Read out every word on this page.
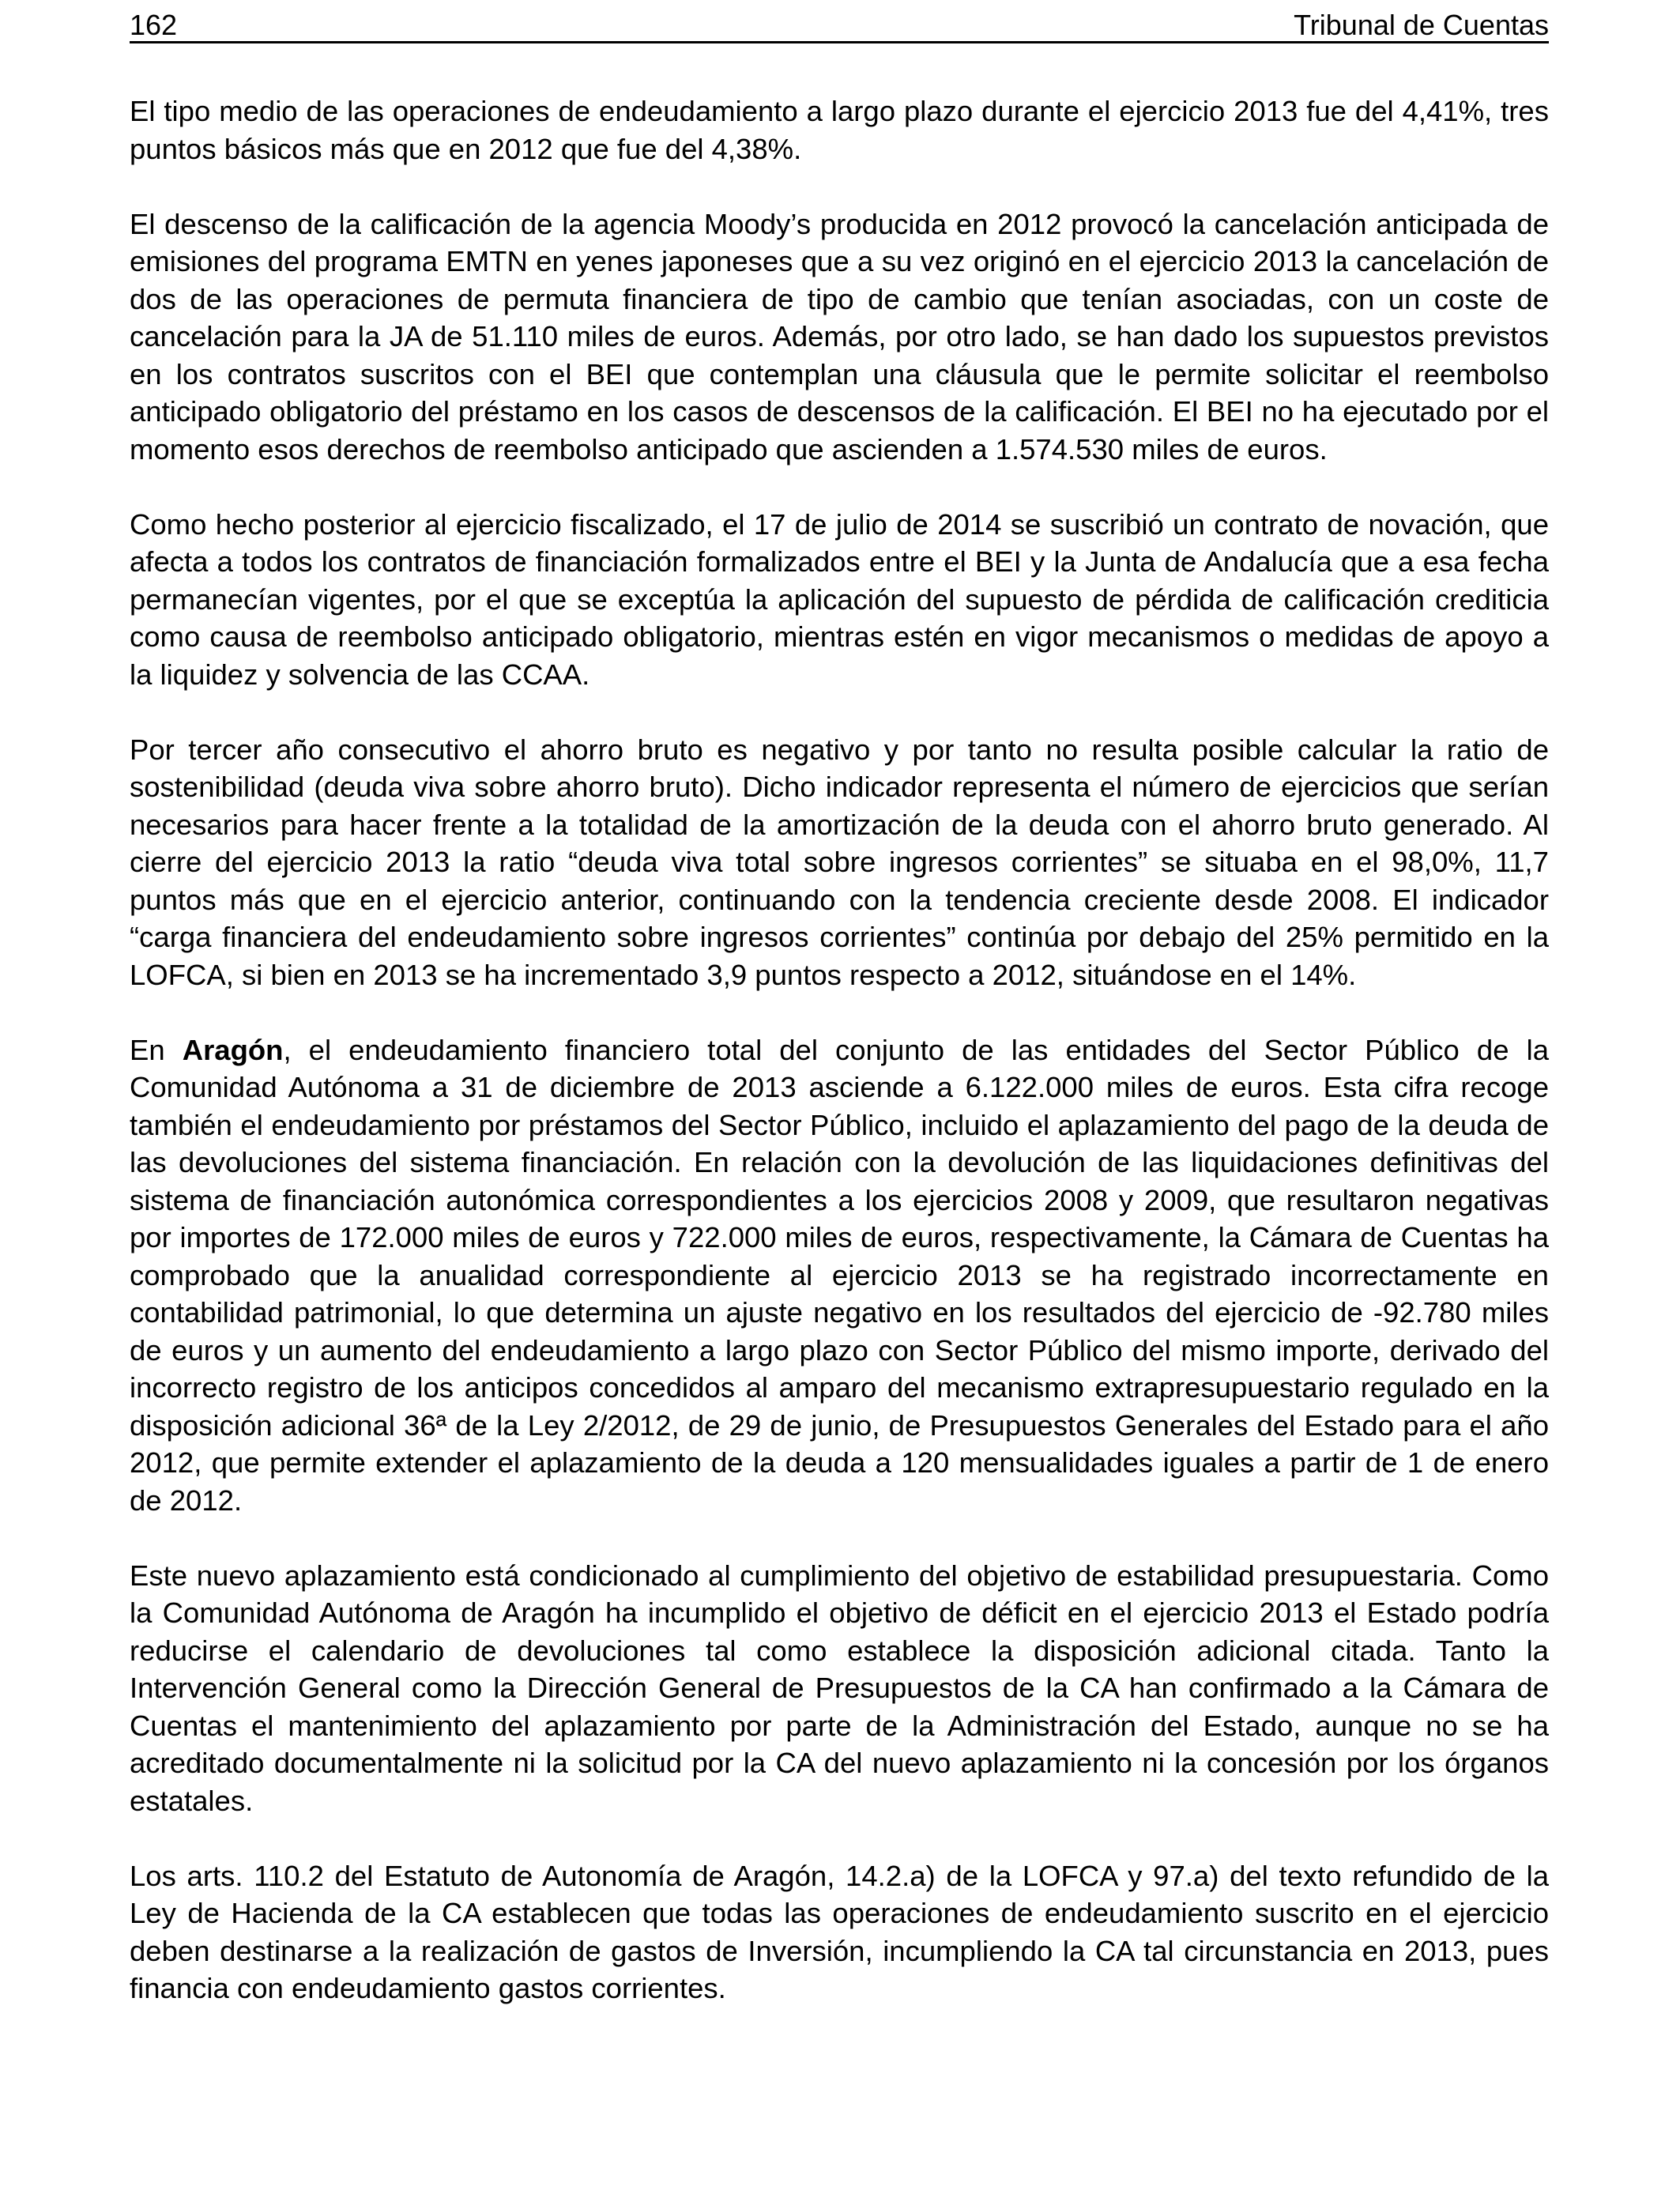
162	Tribunal de Cuentas

El tipo medio de las operaciones de endeudamiento a largo plazo durante el ejercicio 2013 fue del 4,41%, tres puntos básicos más que en 2012 que fue del 4,38%.

El descenso de la calificación de la agencia Moody’s producida en 2012 provocó la cancelación anticipada de emisiones del programa EMTN en yenes japoneses que a su vez originó en el ejercicio 2013 la cancelación de dos de las operaciones de permuta financiera de tipo de cambio que tenían asociadas, con un coste de cancelación para la JA de 51.110 miles de euros. Además, por otro lado, se han dado los supuestos previstos en los contratos suscritos con el BEI que contemplan una cláusula que le permite solicitar el reembolso anticipado obligatorio del préstamo en los casos de descensos de la calificación. El BEI no ha ejecutado por el momento esos derechos de reembolso anticipado que ascienden a 1.574.530 miles de euros.

Como hecho posterior al ejercicio fiscalizado, el 17 de julio de 2014 se suscribió un contrato de novación, que afecta a todos los contratos de financiación formalizados entre el BEI y la Junta de Andalucía que a esa fecha permanecían vigentes, por el que se exceptúa la aplicación del supuesto de pérdida de calificación crediticia como causa de reembolso anticipado obligatorio, mientras estén en vigor mecanismos o medidas de apoyo a la liquidez y solvencia de las CCAA.

Por tercer año consecutivo el ahorro bruto es negativo y por tanto no resulta posible calcular la ratio de sostenibilidad (deuda viva sobre ahorro bruto). Dicho indicador representa el número de ejercicios que serían necesarios para hacer frente a la totalidad de la amortización de la deuda con el ahorro bruto generado. Al cierre del ejercicio 2013 la ratio “deuda viva total sobre ingresos corrientes” se situaba en el 98,0%, 11,7 puntos más que en el ejercicio anterior, continuando con la tendencia creciente desde 2008. El indicador “carga financiera del endeudamiento sobre ingresos corrientes” continúa por debajo del 25% permitido en la LOFCA, si bien en 2013 se ha incrementado 3,9 puntos respecto a 2012, situándose en el 14%.

En Aragón, el endeudamiento financiero total del conjunto de las entidades del Sector Público de la Comunidad Autónoma a 31 de diciembre de 2013 asciende a 6.122.000 miles de euros. Esta cifra recoge también el endeudamiento por préstamos del Sector Público, incluido el aplazamiento del pago de la deuda de las devoluciones del sistema financiación. En relación con la devolución de las liquidaciones definitivas del sistema de financiación autonómica correspondientes a los ejercicios 2008 y 2009, que resultaron negativas por importes de 172.000 miles de euros y 722.000 miles de euros, respectivamente, la Cámara de Cuentas ha comprobado que la anualidad correspondiente al ejercicio 2013 se ha registrado incorrectamente en contabilidad patrimonial, lo que determina un ajuste negativo en los resultados del ejercicio de -92.780 miles de euros y un aumento del endeudamiento a largo plazo con Sector Público del mismo importe, derivado del incorrecto registro de los anticipos concedidos al amparo del mecanismo extrapresupuestario regulado en la disposición adicional 36ª de la Ley 2/2012, de 29 de junio, de Presupuestos Generales del Estado para el año 2012, que permite extender el aplazamiento de la deuda a 120 mensualidades iguales a partir de 1 de enero de 2012.

Este nuevo aplazamiento está condicionado al cumplimiento del objetivo de estabilidad presupuestaria. Como la Comunidad Autónoma de Aragón ha incumplido el objetivo de déficit en el ejercicio 2013 el Estado podría reducirse el calendario de devoluciones tal como establece la disposición adicional citada. Tanto la Intervención General como la Dirección General de Presupuestos de la CA han confirmado a la Cámara de Cuentas el mantenimiento del aplazamiento por parte de la Administración del Estado, aunque no se ha acreditado documentalmente ni la solicitud por la CA del nuevo aplazamiento ni la concesión por los órganos estatales.

Los arts. 110.2 del Estatuto de Autonomía de Aragón, 14.2.a) de la LOFCA y 97.a) del texto refundido de la Ley de Hacienda de la CA establecen que todas las operaciones de endeudamiento suscrito en el ejercicio deben destinarse a la realización de gastos de Inversión, incumpliendo la CA tal circunstancia en 2013, pues financia con endeudamiento gastos corrientes.
